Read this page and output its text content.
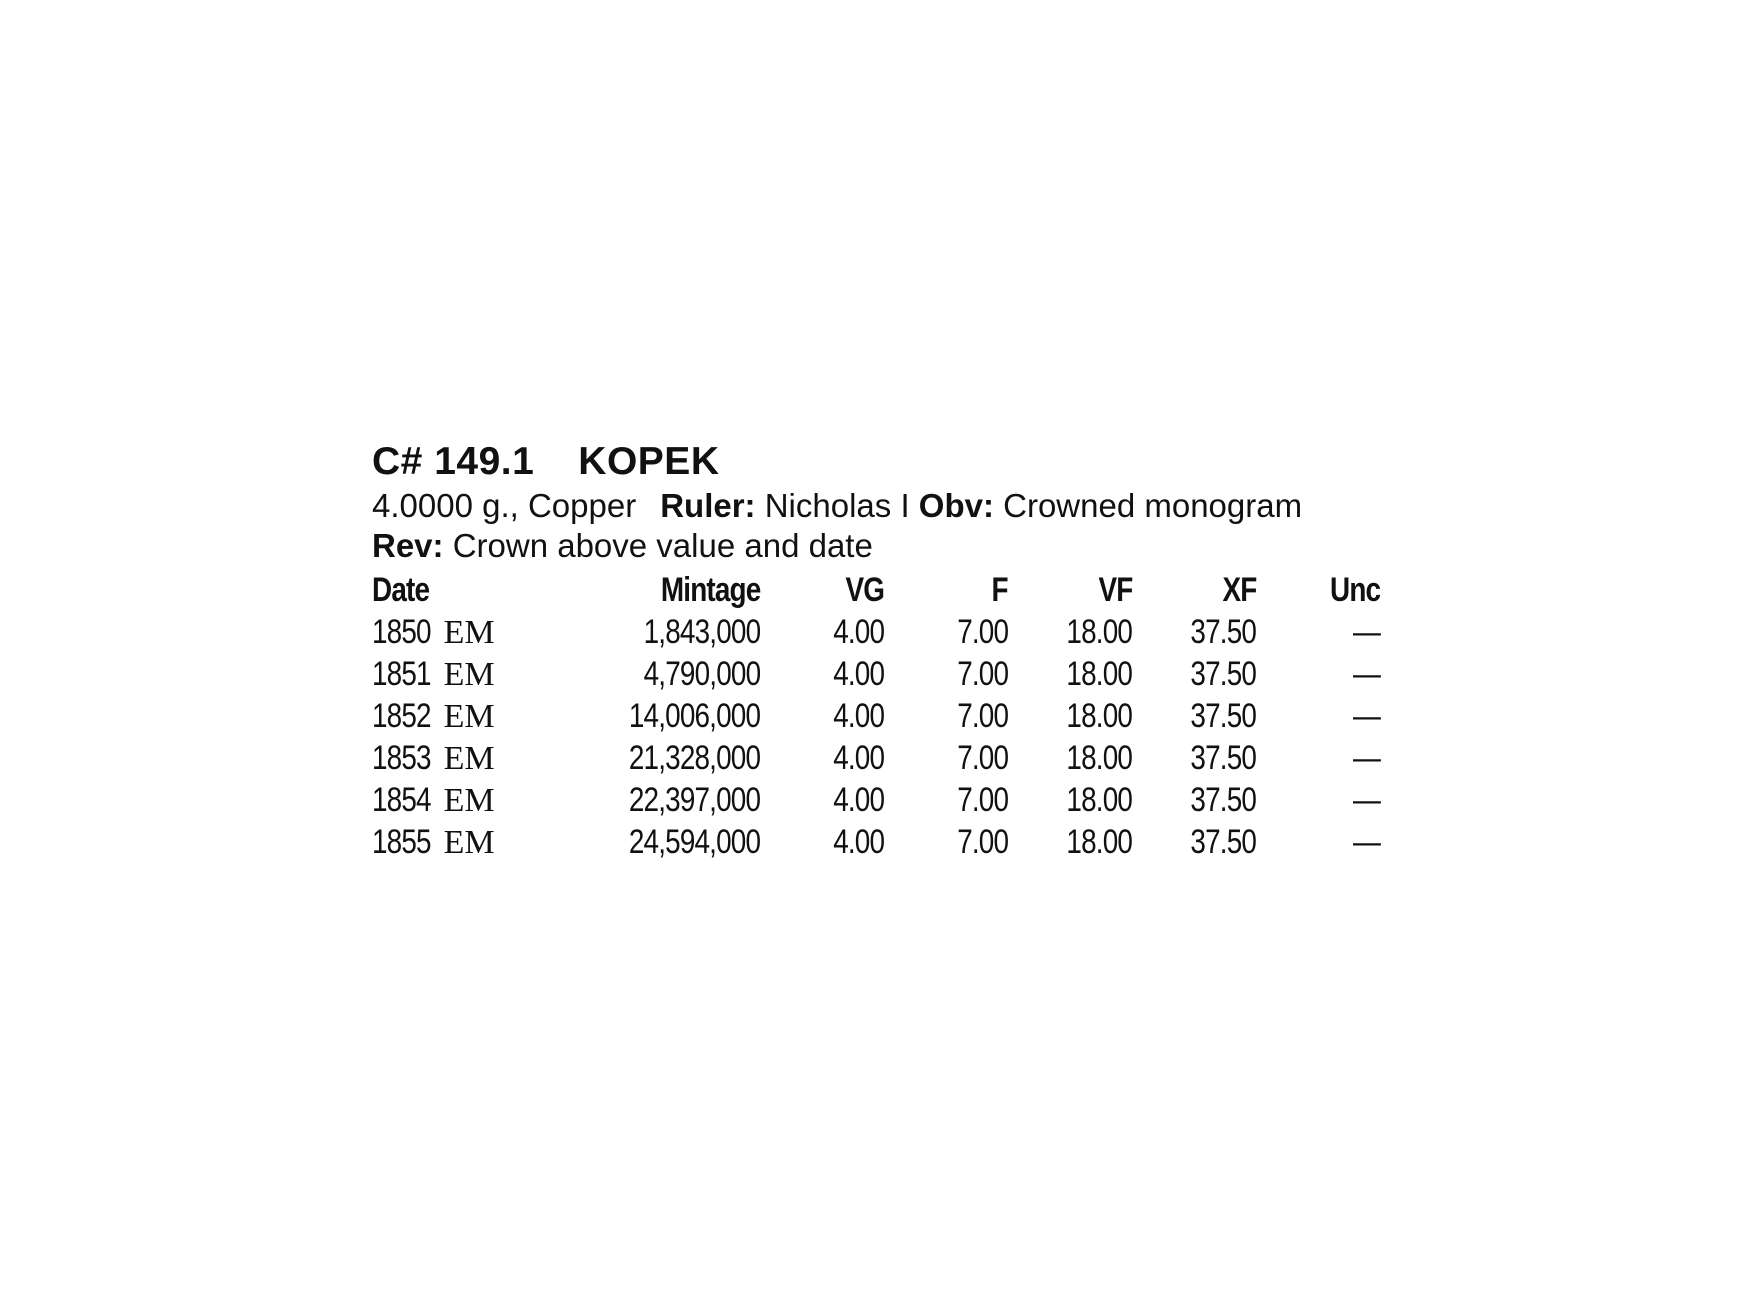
C# 149.1 KOPEK
4.0000 g., Copper Ruler: Nicholas I Obv: Crowned monogram
Rev: Crown above value and date
Date	Mintage	VG	F	VF	XF	Unc
1850 EM	1,843,000	4.00	7.00	18.00	37.50	—
1851 EM	4,790,000	4.00	7.00	18.00	37.50	—
1852 EM	14,006,000	4.00	7.00	18.00	37.50	—
1853 EM	21,328,000	4.00	7.00	18.00	37.50	—
1854 EM	22,397,000	4.00	7.00	18.00	37.50	—
1855 EM	24,594,000	4.00	7.00	18.00	37.50	—
